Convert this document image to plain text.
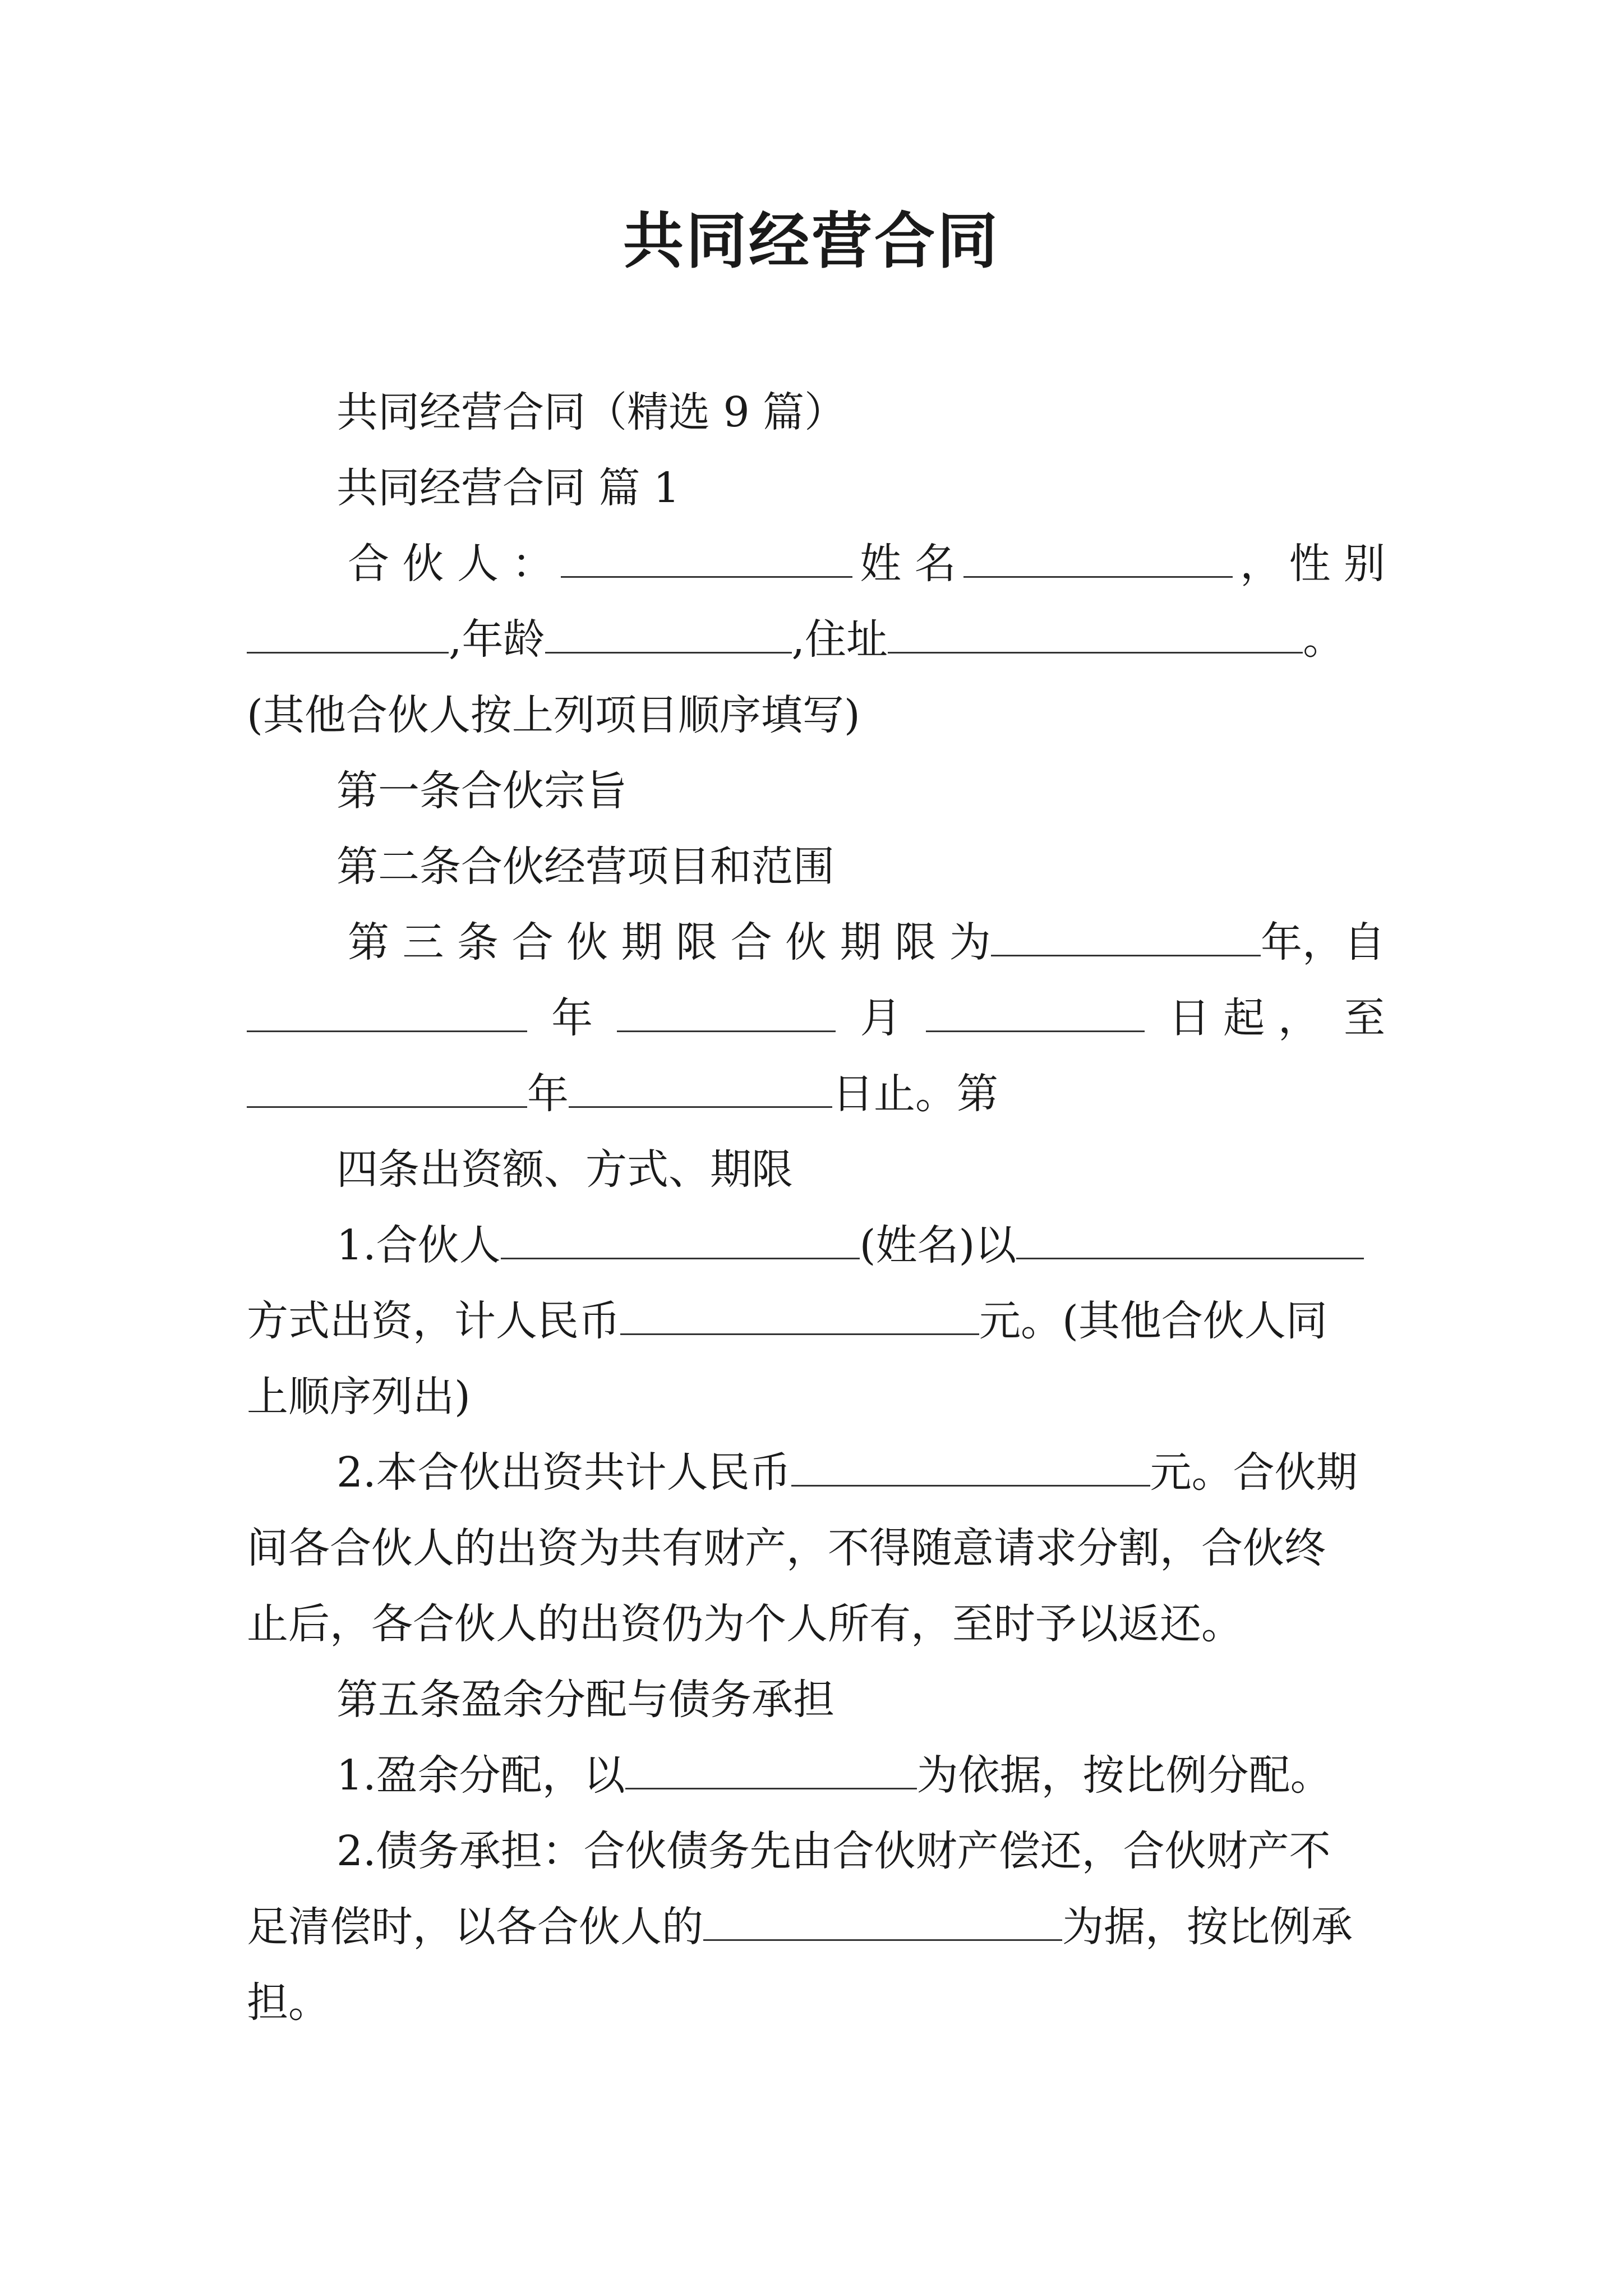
共同经营合同
共同经营合同（精选 9 篇）
共同经营合同 篇 1
合 伙 人 ：	姓 名	， 性 别
,年龄	,住址	。
(其他合伙人按上列项目顺序填写)
第一条合伙宗旨
第二条合伙经营项目和范围
第 三 条 合 伙 期 限 合 伙 期 限 为	年， 自
年	月	日 起 ， 至
年	日止。第
四条出资额、方式、期限
1.合伙人	(姓名)以
方式出资，计人民币	元。(其他合伙人同
上顺序列出)
2.本合伙出资共计人民币	元。合伙期
间各合伙人的出资为共有财产，不得随意请求分割，合伙终
止后，各合伙人的出资仍为个人所有，至时予以返还。
第五条盈余分配与债务承担
1.盈余分配，以	为依据，按比例分配。
2.债务承担：合伙债务先由合伙财产偿还，合伙财产不
足清偿时，以各合伙人的	为据，按比例承
担。
